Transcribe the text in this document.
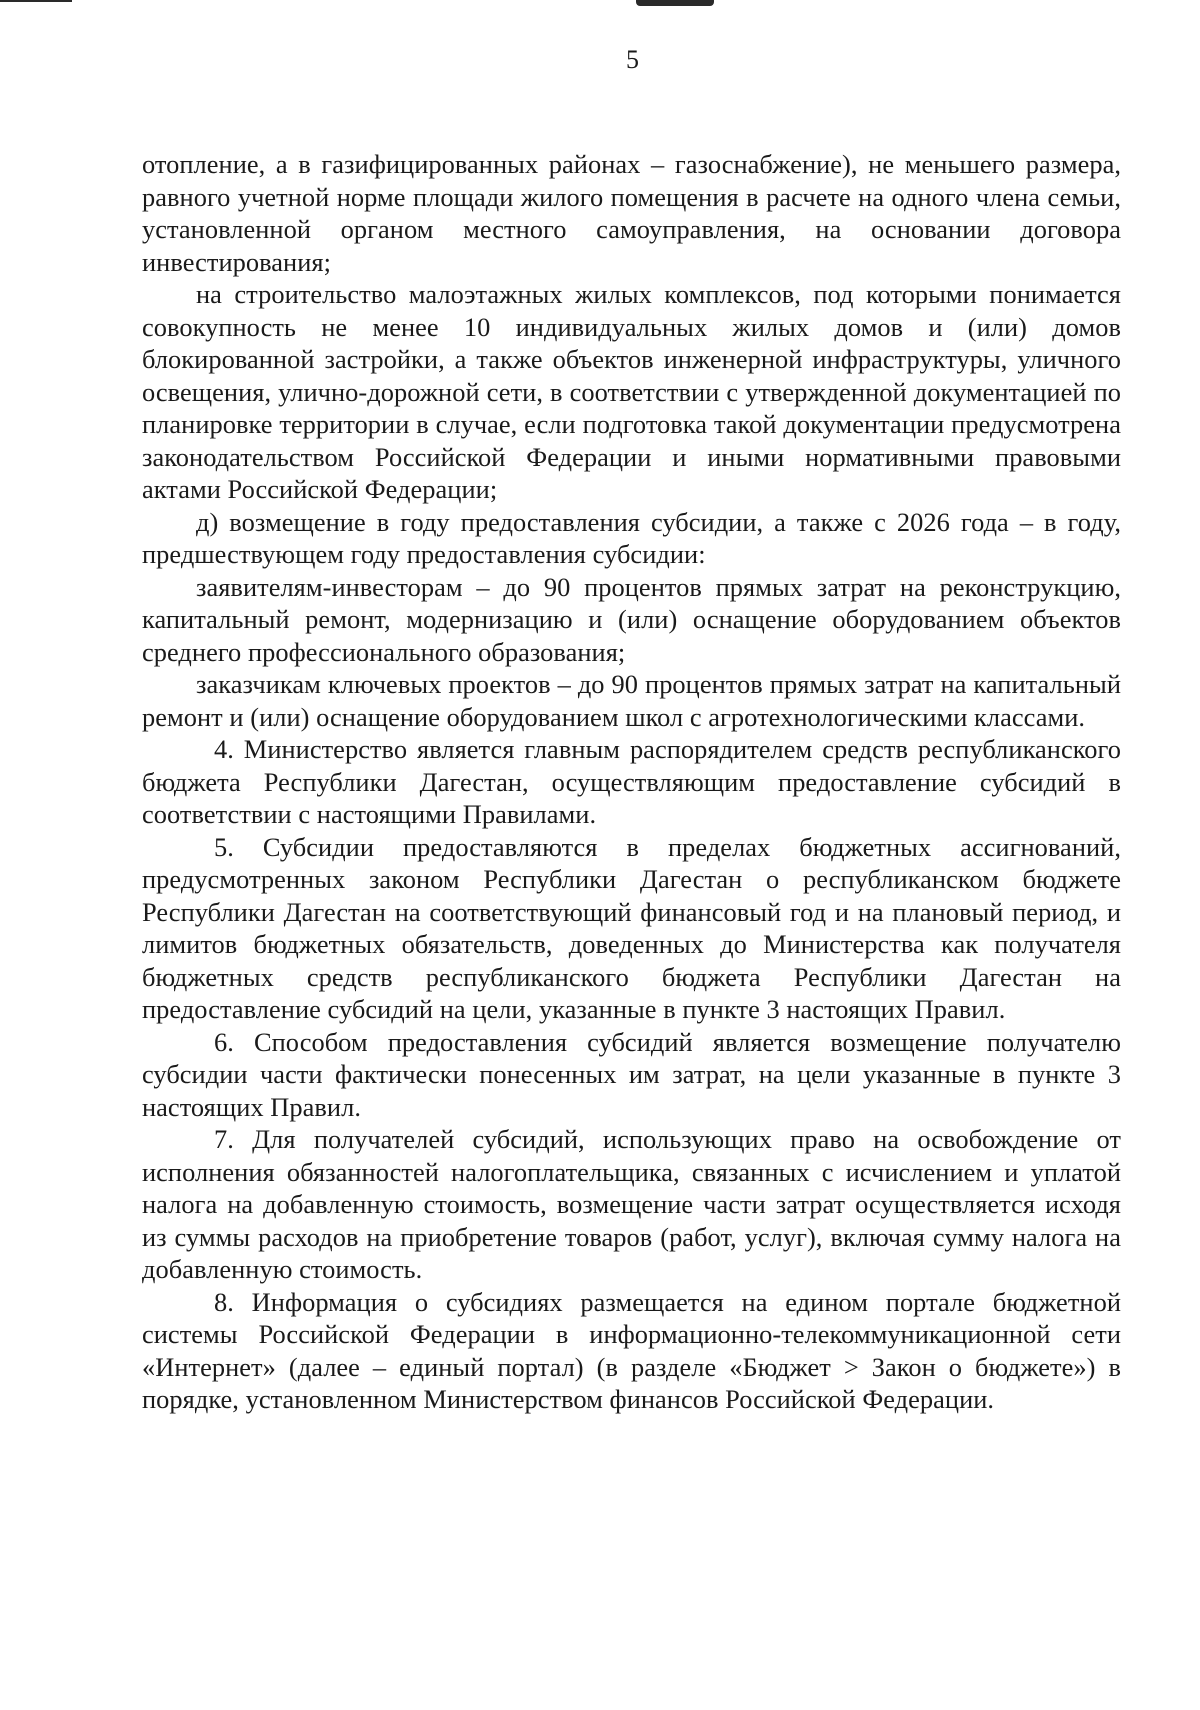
5

отопление, а в газифицированных районах – газоснабжение), не меньшего размера, равного учетной норме площади жилого помещения в расчете на одного члена семьи, установленной органом местного самоуправления, на основании договора инвестирования;

на строительство малоэтажных жилых комплексов, под которыми понимается совокупность не менее 10 индивидуальных жилых домов и (или) домов блокированной застройки, а также объектов инженерной инфраструктуры, уличного освещения, улично-дорожной сети, в соответствии с утвержденной документацией по планировке территории в случае, если подготовка такой документации предусмотрена законодательством Российской Федерации и иными нормативными правовыми актами Российской Федерации;

д) возмещение в году предоставления субсидии, а также с 2026 года – в году, предшествующем году предоставления субсидии:

заявителям-инвесторам – до 90 процентов прямых затрат на реконструкцию, капитальный ремонт, модернизацию и (или) оснащение оборудованием объектов среднего профессионального образования;

заказчикам ключевых проектов – до 90 процентов прямых затрат на капитальный ремонт и (или) оснащение оборудованием школ с агротехнологическими классами.

4. Министерство является главным распорядителем средств республиканского бюджета Республики Дагестан, осуществляющим предоставление субсидий в соответствии с настоящими Правилами.

5. Субсидии предоставляются в пределах бюджетных ассигнований, предусмотренных законом Республики Дагестан о республиканском бюджете Республики Дагестан на соответствующий финансовый год и на плановый период, и лимитов бюджетных обязательств, доведенных до Министерства как получателя бюджетных средств республиканского бюджета Республики Дагестан на предоставление субсидий на цели, указанные в пункте 3 настоящих Правил.

6. Способом предоставления субсидий является возмещение получателю субсидии части фактически понесенных им затрат, на цели указанные в пункте 3 настоящих Правил.

7. Для получателей субсидий, использующих право на освобождение от исполнения обязанностей налогоплательщика, связанных с исчислением и уплатой налога на добавленную стоимость, возмещение части затрат осуществляется исходя из суммы расходов на приобретение товаров (работ, услуг), включая сумму налога на добавленную стоимость.

8. Информация о субсидиях размещается на едином портале бюджетной системы Российской Федерации в информационно-телекоммуникационной сети «Интернет» (далее – единый портал) (в разделе «Бюджет > Закон о бюджете») в порядке, установленном Министерством финансов Российской Федерации.
